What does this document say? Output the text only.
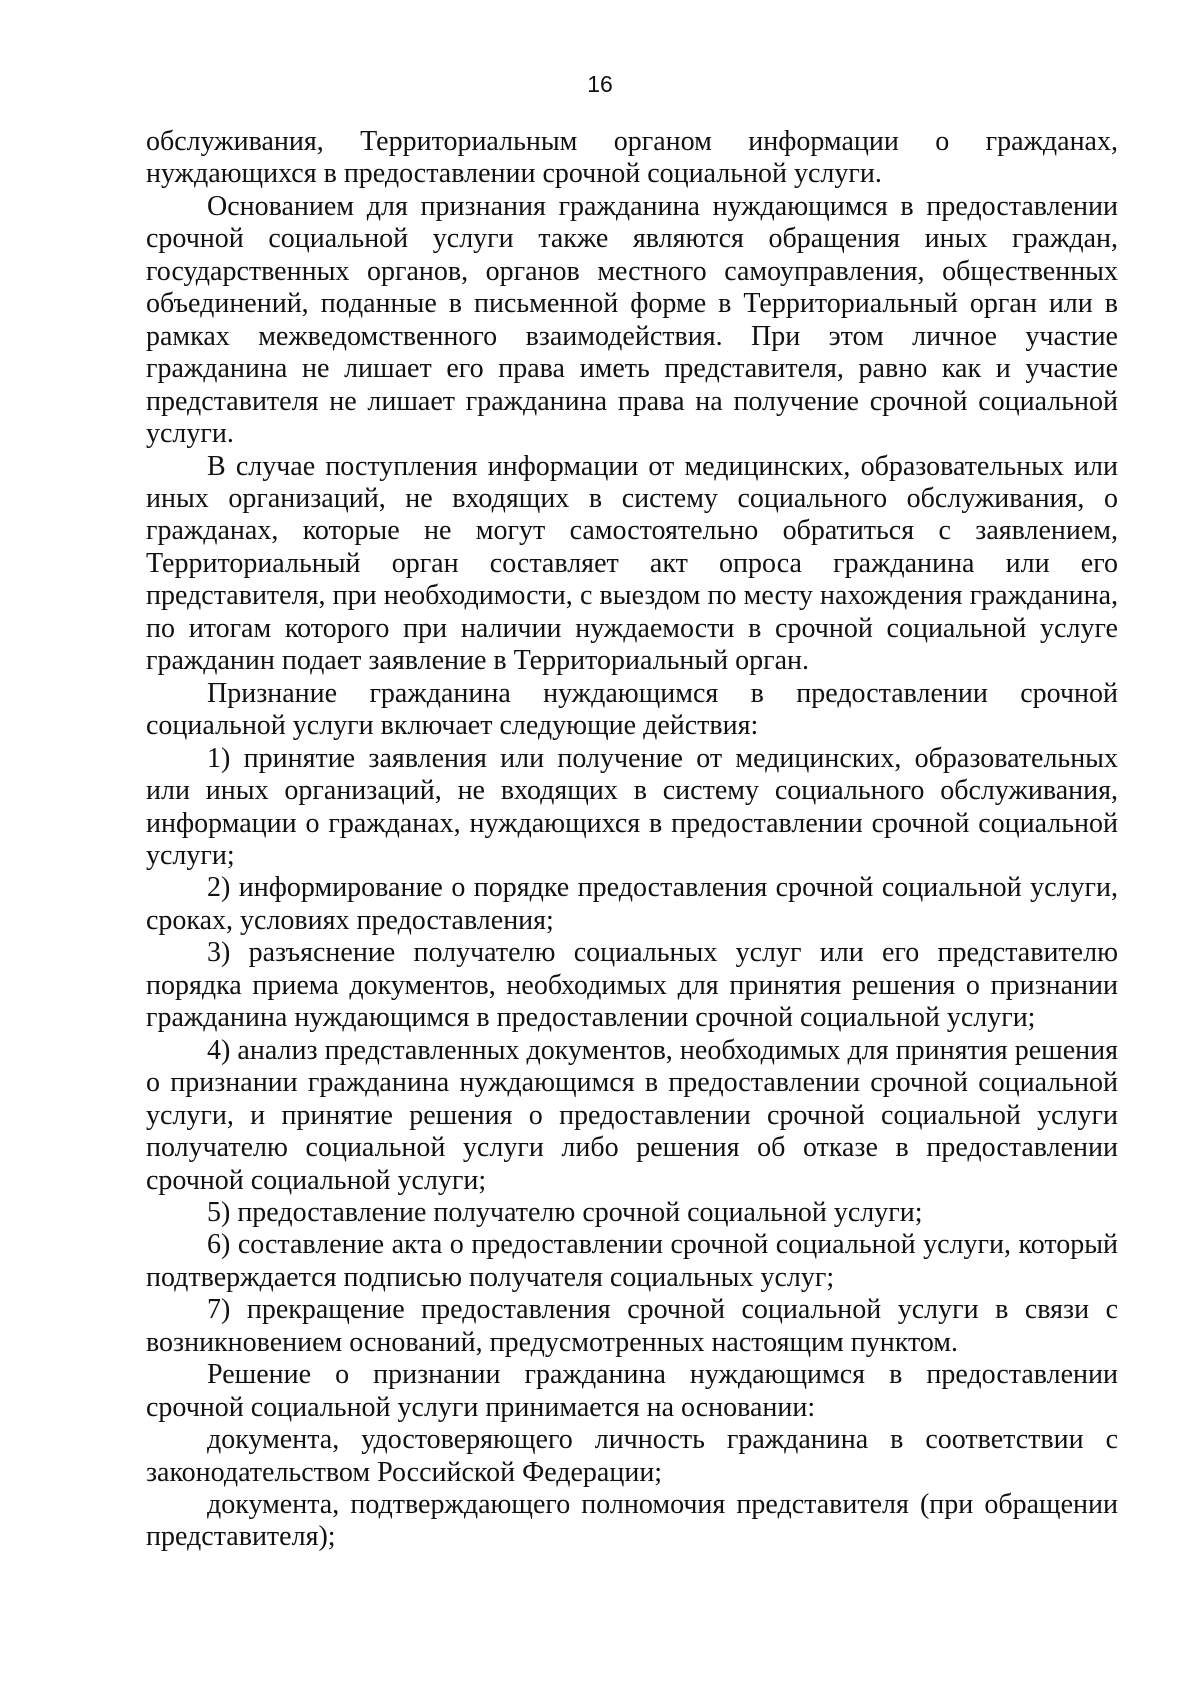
16

обслуживания, Территориальным органом информации о гражданах, нуждающихся в предоставлении срочной социальной услуги.

Основанием для признания гражданина нуждающимся в предоставлении срочной социальной услуги также являются обращения иных граждан, государственных органов, органов местного самоуправления, общественных объединений, поданные в письменной форме в Территориальный орган или в рамках межведомственного взаимодействия. При этом личное участие гражданина не лишает его права иметь представителя, равно как и участие представителя не лишает гражданина права на получение срочной социальной услуги.

В случае поступления информации от медицинских, образовательных или иных организаций, не входящих в систему социального обслуживания, о гражданах, которые не могут самостоятельно обратиться с заявлением, Территориальный орган составляет акт опроса гражданина или его представителя, при необходимости, с выездом по месту нахождения гражданина, по итогам которого при наличии нуждаемости в срочной социальной услуге гражданин подает заявление в Территориальный орган.

Признание гражданина нуждающимся в предоставлении срочной социальной услуги включает следующие действия:

1) принятие заявления или получение от медицинских, образовательных или иных организаций, не входящих в систему социального обслуживания, информации о гражданах, нуждающихся в предоставлении срочной социальной услуги;

2) информирование о порядке предоставления срочной социальной услуги, сроках, условиях предоставления;

3) разъяснение получателю социальных услуг или его представителю порядка приема документов, необходимых для принятия решения о признании гражданина нуждающимся в предоставлении срочной социальной услуги;

4) анализ представленных документов, необходимых для принятия решения о признании гражданина нуждающимся в предоставлении срочной социальной услуги, и принятие решения о предоставлении срочной социальной услуги получателю социальной услуги либо решения об отказе в предоставлении срочной социальной услуги;

5) предоставление получателю срочной социальной услуги;

6) составление акта о предоставлении срочной социальной услуги, который подтверждается подписью получателя социальных услуг;

7) прекращение предоставления срочной социальной услуги в связи с возникновением оснований, предусмотренных настоящим пунктом.

Решение о признании гражданина нуждающимся в предоставлении срочной социальной услуги принимается на основании:

документа, удостоверяющего личность гражданина в соответствии с законодательством Российской Федерации;

документа, подтверждающего полномочия представителя (при обращении представителя);
